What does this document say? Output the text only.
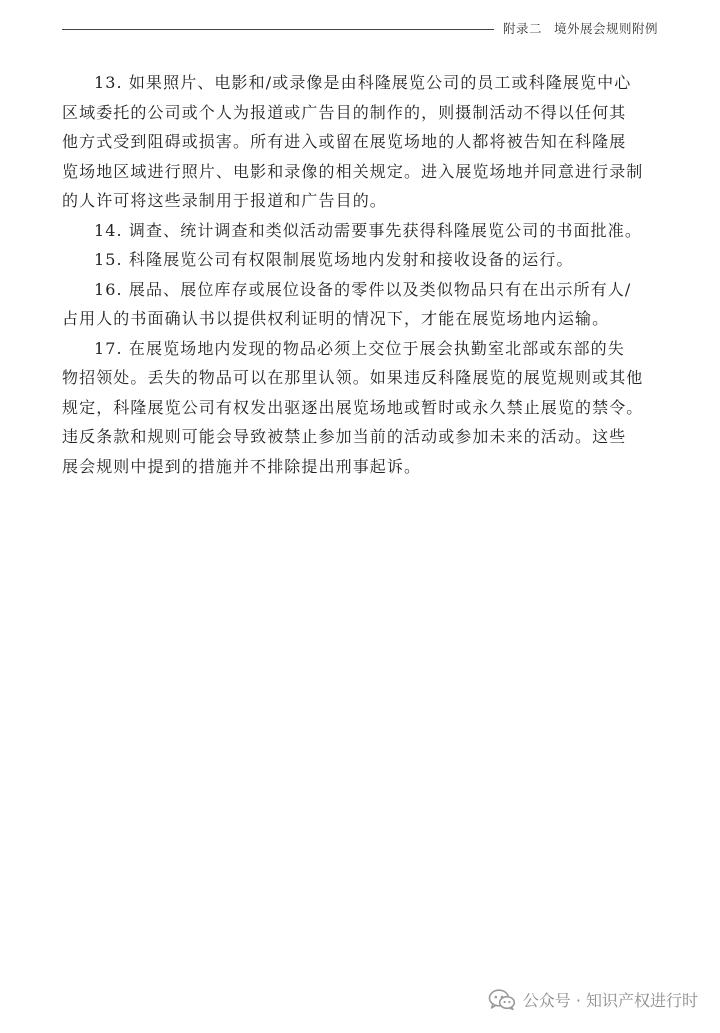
附录二 境外展会规则附例

13. 如果照片、电影和/或录像是由科隆展览公司的员工或科隆展览中心
区域委托的公司或个人为报道或广告目的制作的，则摄制活动不得以任何其
他方式受到阻碍或损害。所有进入或留在展览场地的人都将被告知在科隆展
览场地区域进行照片、电影和录像的相关规定。进入展览场地并同意进行录制
的人许可将这些录制用于报道和广告目的。

14. 调查、统计调查和类似活动需要事先获得科隆展览公司的书面批准。

15. 科隆展览公司有权限制展览场地内发射和接收设备的运行。

16. 展品、展位库存或展位设备的零件以及类似物品只有在出示所有人/
占用人的书面确认书以提供权利证明的情况下，才能在展览场地内运输。

17. 在展览场地内发现的物品必须上交位于展会执勤室北部或东部的失
物招领处。丢失的物品可以在那里认领。如果违反科隆展览的展览规则或其他
规定，科隆展览公司有权发出驱逐出展览场地或暂时或永久禁止展览的禁令。
违反条款和规则可能会导致被禁止参加当前的活动或参加未来的活动。这些
展会规则中提到的措施并不排除提出刑事起诉。

公众号 · 知识产权进行时
